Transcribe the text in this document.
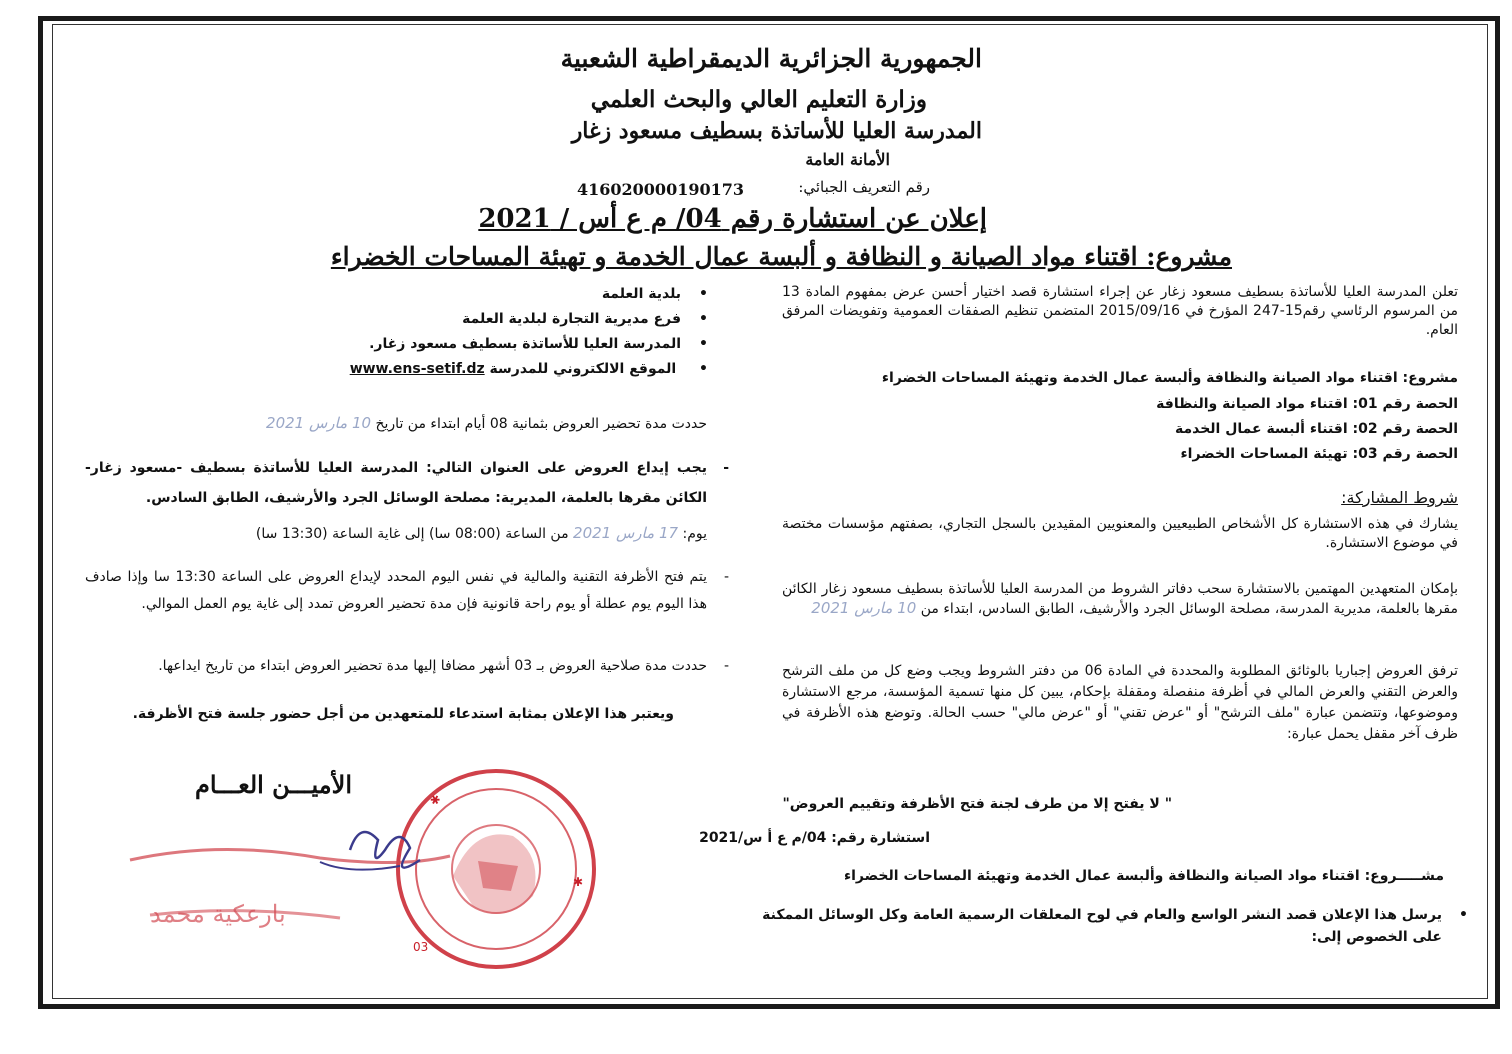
الجمهورية الجزائرية الديمقراطية الشعبية
وزارة التعليم العالي والبحث العلمي
المدرسة العليا للأساتذة بسطيف مسعود زغار
الأمانة العامة
رقم التعريف الجبائي:
416020000190173
إعلان عن استشارة رقم 04/ م ع أس / 2021
مشروع: اقتناء مواد الصيانة و النظافة و ألبسة عمال الخدمة و تهيئة المساحات الخضراء
تعلن المدرسة العليا للأساتذة بسطيف مسعود زغار عن إجراء استشارة قصد اختيار أحسن عرض بمفهوم المادة 13 من المرسوم الرئاسي رقم15-247 المؤرخ في 2015/09/16 المتضمن تنظيم الصفقات العمومية وتفويضات المرفق العام.
مشروع: اقتناء مواد الصيانة والنظافة وألبسة عمال الخدمة وتهيئة المساحات الخضراء
الحصة رقم 01: اقتناء مواد الصيانة والنظافة
الحصة رقم 02: اقتناء ألبسة عمال الخدمة
الحصة رقم 03: تهيئة المساحات الخضراء
شروط المشاركة:
يشارك في هذه الاستشارة كل الأشخاص الطبيعيين والمعنويين المقيدين بالسجل التجاري، بصفتهم مؤسسات مختصة في موضوع الاستشارة.
بإمكان المتعهدين المهتمين بالاستشارة سحب دفاتر الشروط من المدرسة العليا للأساتذة بسطيف مسعود زغار الكائن مقرها بالعلمة، مديرية المدرسة، مصلحة الوسائل الجرد والأرشيف، الطابق السادس، ابتداء من 10 مارس 2021
ترفق العروض إجباريا بالوثائق المطلوبة والمحددة في المادة 06 من دفتر الشروط ويجب وضع كل من ملف الترشح والعرض التقني والعرض المالي في أظرفة منفصلة ومقفلة بإحكام، يبين كل منها تسمية المؤسسة، مرجع الاستشارة وموضوعها، وتتضمن عبارة "ملف الترشح" أو "عرض تقني" أو "عرض مالي" حسب الحالة. وتوضع هذه الأظرفة في ظرف آخر مقفل يحمل عبارة:
" لا يفتح إلا من طرف لجنة فتح الأظرفة وتقييم العروض"
استشارة رقم: 04/م ع أ س/2021
مشـــــروع: اقتناء مواد الصيانة والنظافة وألبسة عمال الخدمة وتهيئة المساحات الخضراء
• يرسل هذا الإعلان قصد النشر الواسع والعام في لوح المعلقات الرسمية العامة وكل الوسائل الممكنة على الخصوص إلى:
• بلدية العلمة
• فرع مديرية التجارة لبلدية العلمة
• المدرسة العليا للأساتذة بسطيف مسعود زغار.
• الموقع الالكتروني للمدرسة www.ens-setif.dz
حددت مدة تحضير العروض بثمانية 08 أيام ابتداء من تاريخ 10 مارس 2021
- يجب إيداع العروض على العنوان التالي: المدرسة العليا للأساتذة بسطيف -مسعود زغار- الكائن مقرها بالعلمة، المديرية: مصلحة الوسائل الجرد والأرشيف، الطابق السادس.
يوم: 17 مارس 2021 من الساعة (08:00 سا) إلى غاية الساعة (13:30 سا)
- يتم فتح الأظرفة التقنية والمالية في نفس اليوم المحدد لإيداع العروض على الساعة 13:30 سا وإذا صادف هذا اليوم يوم عطلة أو يوم راحة قانونية فإن مدة تحضير العروض تمدد إلى غاية يوم العمل الموالي.
- حددت مدة صلاحية العروض بـ 03 أشهر مضافا إليها مدة تحضير العروض ابتداء من تاريخ ايداعها.
ويعتبر هذا الإعلان بمثابة استدعاء للمتعهدين من أجل حضور جلسة فتح الأظرفة.
الأميـــن العـــام
✱
✱
03
بارعكية محمد
